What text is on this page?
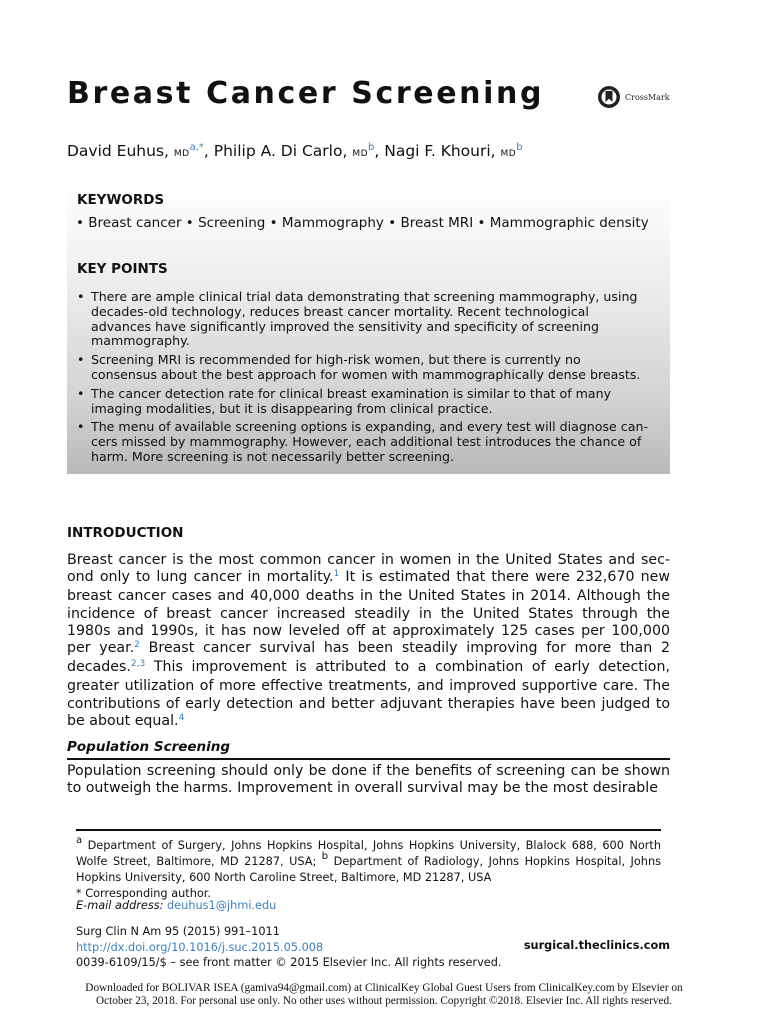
Breast Cancer Screening	CrossMark
David Euhus, $MD^{a,*}$, Philip A. Di Carlo, $MD^b$, Nagi F. Khouri, $MD^b$
KEYWORDS
• Breast cancer • Screening • Mammography • Breast MRI • Mammographic density
KEY POINTS
• There are ample clinical trial data demonstrating that screening mammography, using decades-old technology, reduces breast cancer mortality. Recent technological advances have significantly improved the sensitivity and specificity of screening mammography.
• Screening MRI is recommended for high-risk women, but there is currently no consensus about the best approach for women with mammographically dense breasts.
• The cancer detection rate for clinical breast examination is similar to that of many imaging modalities, but it is disappearing from clinical practice.
• The menu of available screening options is expanding, and every test will diagnose cancers missed by mammography. However, each additional test introduces the chance of harm. More screening is not necessarily better screening.
INTRODUCTION

Breast cancer is the most common cancer in women in the United States and second only to lung cancer in mortality.$^1$ It is estimated that there were 232,670 new breast cancer cases and 40,000 deaths in the United States in 2014. Although the incidence of breast cancer increased steadily in the United States through the 1980s and 1990s, it has now leveled off at approximately 125 cases per 100,000 per year.$^2$ Breast cancer survival has been steadily improving for more than 2 decades.$^{2,3}$ This improvement is attributed to a combination of early detection, greater utilization of more effective treatments, and improved supportive care. The contributions of early detection and better adjuvant therapies have been judged to be about equal.$^4$

Population Screening

Population screening should only be done if the benefits of screening can be shown to outweigh the harms. Improvement in overall survival may be the most desirable

a Department of Surgery, Johns Hopkins Hospital, Johns Hopkins University, Blalock 688, 600 North Wolfe Street, Baltimore, MD 21287, USA; b Department of Radiology, Johns Hopkins Hospital, Johns Hopkins University, 600 North Caroline Street, Baltimore, MD 21287, USA
* Corresponding author.

E-mail address: deuhus1@jhmi.edu
Surg Clin N Am 95 (2015) 991–1011
http://dx.doi.org/10.1016/j.suc.2015.05.008
0039-6109/15/$ – see front matter © 2015 Elsevier Inc. All rights reserved.
surgical.theclinics.com
Downloaded for BOLIVAR ISEA (gamiva94@gmail.com) at ClinicalKey Global Guest Users from ClinicalKey.com by Elsevier on
October 23, 2018. For personal use only. No other uses without permission. Copyright ©2018. Elsevier Inc. All rights reserved.
